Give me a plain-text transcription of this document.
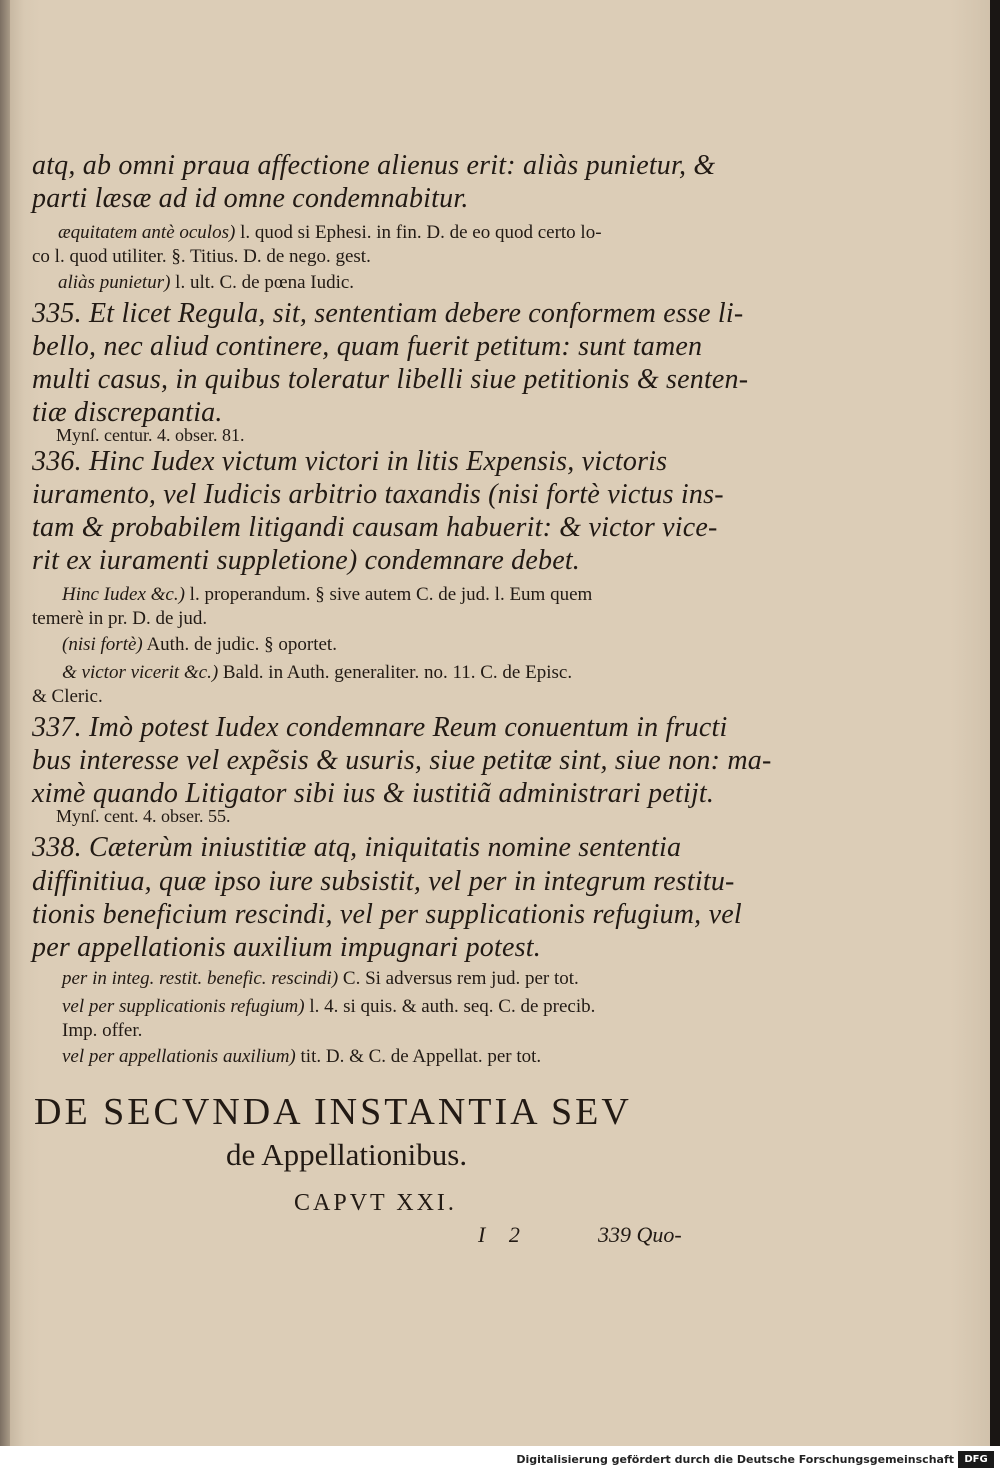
atq, ab omni praua affectione alienus erit: aliàs punietur, &
parti læsæ ad id omne condemnabitur.
æquitatem antè oculos) l. quod si Ephesi. in fin. D. de eo quod certo lo-
co l. quod utiliter. §. Titius. D. de nego. gest.
aliàs punietur) l. ult. C. de pœna Iudic.
335. Et licet Regula, sit, sententiam debere conformem esse li-
bello, nec aliud continere, quam fuerit petitum: sunt tamen
multi casus, in quibus toleratur libelli siue petitionis & senten-
tiæ discrepantia.
Mynſ. centur. 4. obser. 81.
336. Hinc Iudex victum victori in litis Expensis, victoris
iuramento, vel Iudicis arbitrio taxandis (nisi fortè victus ins-
tam & probabilem litigandi causam habuerit: & victor vice-
rit ex iuramenti suppletione) condemnare debet.
Hinc Iudex &c.) l. properandum. § sive autem C. de jud. l. Eum quem
temerè in pr. D. de jud.
(nisi fortè) Auth. de judic. § oportet.
& victor vicerit &c.) Bald. in Auth. generaliter. no. 11. C. de Episc.
& Cleric.
337. Imò potest Iudex condemnare Reum conuentum in fructi
bus interesse vel expẽsis & usuris, siue petitæ sint, siue non: ma-
ximè quando Litigator sibi ius & iustitiã administrari petijt.
Mynſ. cent. 4. obser. 55.
338. Cæterùm iniustitiæ atq, iniquitatis nomine sententia
diffinitiua, quæ ipso iure subsistit, vel per in integrum restitu-
tionis beneficium rescindi, vel per supplicationis refugium, vel
per appellationis auxilium impugnari potest.
per in integ. restit. benefic. rescindi) C. Si adversus rem jud. per tot.
vel per supplicationis refugium) l. 4. si quis. & auth. seq. C. de precib.
Imp. offer.
vel per appellationis auxilium) tit. D. & C. de Appellat. per tot.
DE SECVNDA INSTANTIA SEV
de Appellationibus.
CAPVT XXI.
I 2	339 Quo-
Digitalisierung gefördert durch die Deutsche Forschungsgemeinschaft	DFG
